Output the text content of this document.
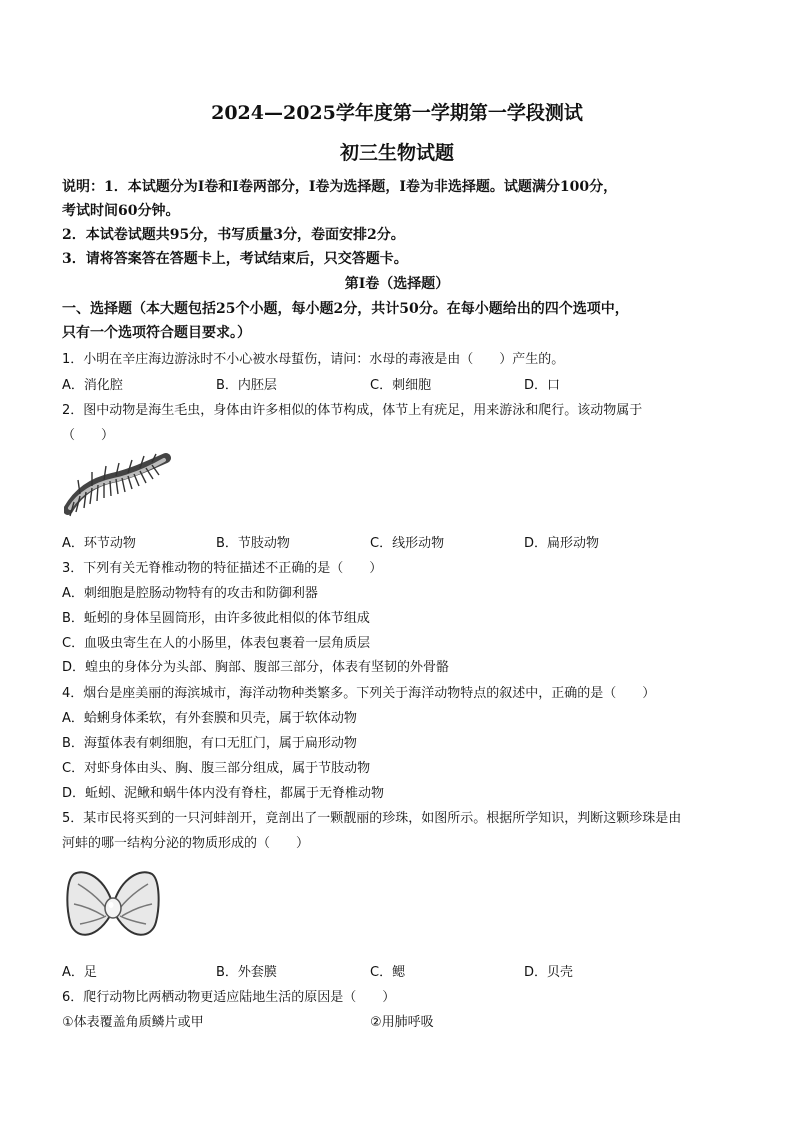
2024—2025学年度第一学期第一学段测试
初三生物试题
说明：1．本试题分为Ⅰ卷和Ⅰ卷两部分，Ⅰ卷为选择题，Ⅰ卷为非选择题。试题满分100分，
考试时间60分钟。
2．本试卷试题共95分，书写质量3分，卷面安排2分。
3．请将答案答在答题卡上，考试结束后，只交答题卡。
第Ⅰ卷（选择题）
一、选择题（本大题包括25个小题，每小题2分，共计50分。在每小题给出的四个选项中，
只有一个选项符合题目要求。）
1．小明在辛庄海边游泳时不小心被水母蜇伤，请问：水母的毒液是由（　　）产生的。
A．消化腔	B．内胚层	C．刺细胞	D．口
2．图中动物是海生毛虫，身体由许多相似的体节构成，体节上有疣足，用来游泳和爬行。该动物属于
（　　）
A．环节动物	B．节肢动物	C．线形动物	D．扁形动物
3．下列有关无脊椎动物的特征描述不正确的是（　　）
A．刺细胞是腔肠动物特有的攻击和防御利器
B．蚯蚓的身体呈圆筒形，由许多彼此相似的体节组成
C．血吸虫寄生在人的小肠里，体表包裹着一层角质层
D．蝗虫的身体分为头部、胸部、腹部三部分，体表有坚韧的外骨骼
4．烟台是座美丽的海滨城市，海洋动物种类繁多。下列关于海洋动物特点的叙述中，正确的是（　　）
A．蛤蜊身体柔软，有外套膜和贝壳，属于软体动物
B．海蜇体表有刺细胞，有口无肛门，属于扁形动物
C．对虾身体由头、胸、腹三部分组成，属于节肢动物
D．蚯蚓、泥鳅和蜗牛体内没有脊柱，都属于无脊椎动物
5．某市民将买到的一只河蚌剖开，竟剖出了一颗靓丽的珍珠，如图所示。根据所学知识，判断这颗珍珠是由
河蚌的哪一结构分泌的物质形成的（　　）
A．足	B．外套膜	C．鳃	D．贝壳
6．爬行动物比两栖动物更适应陆地生活的原因是（　　）
①体表覆盖角质鳞片或甲	②用肺呼吸
